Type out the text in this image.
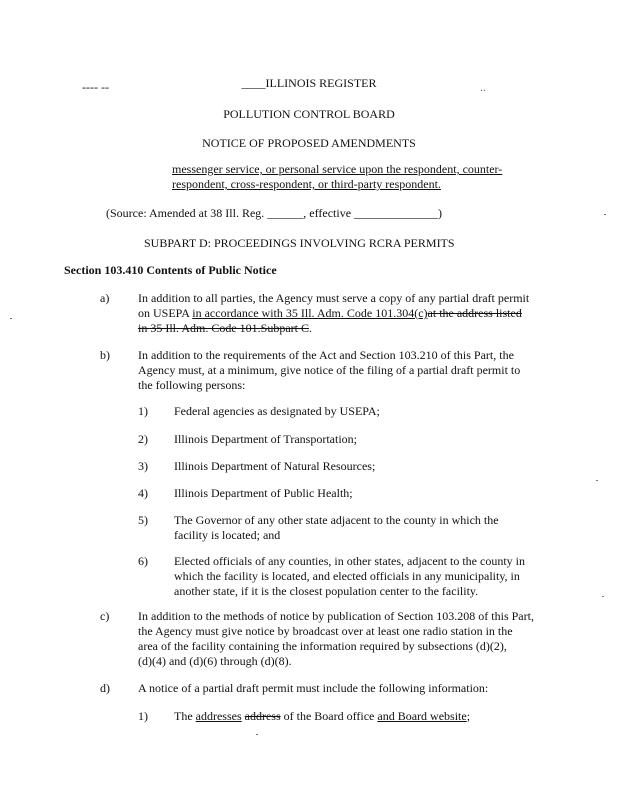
---- --	____ILLINOIS REGISTER	..
POLLUTION CONTROL BOARD
NOTICE OF PROPOSED AMENDMENTS
messenger service, or personal service upon the respondent, counter-
respondent, cross-respondent, or third-party respondent.
(Source: Amended at 38 Ill. Reg. ______, effective ______________)
SUBPART D: PROCEEDINGS INVOLVING RCRA PERMITS
Section 103.410 Contents of Public Notice
a)	In addition to all parties, the Agency must serve a copy of any partial draft permit
on USEPA in accordance with 35 Ill. Adm. Code 101.304(c)at the address listed
in 35 Ill. Adm. Code 101.Subpart C.
b)	In addition to the requirements of the Act and Section 103.210 of this Part, the
Agency must, at a minimum, give notice of the filing of a partial draft permit to
the following persons:
1)	Federal agencies as designated by USEPA;
2)	Illinois Department of Transportation;
3)	Illinois Department of Natural Resources;
4)	Illinois Department of Public Health;
5)	The Governor of any other state adjacent to the county in which the
facility is located; and
6)	Elected officials of any counties, in other states, adjacent to the county in
which the facility is located, and elected officials in any municipality, in
another state, if it is the closest population center to the facility.
c)	In addition to the methods of notice by publication of Section 103.208 of this Part,
the Agency must give notice by broadcast over at least one radio station in the
area of the facility containing the information required by subsections (d)(2),
(d)(4) and (d)(6) through (d)(8).
d)	A notice of a partial draft permit must include the following information:
1)	The addresses address of the Board office and Board website;
